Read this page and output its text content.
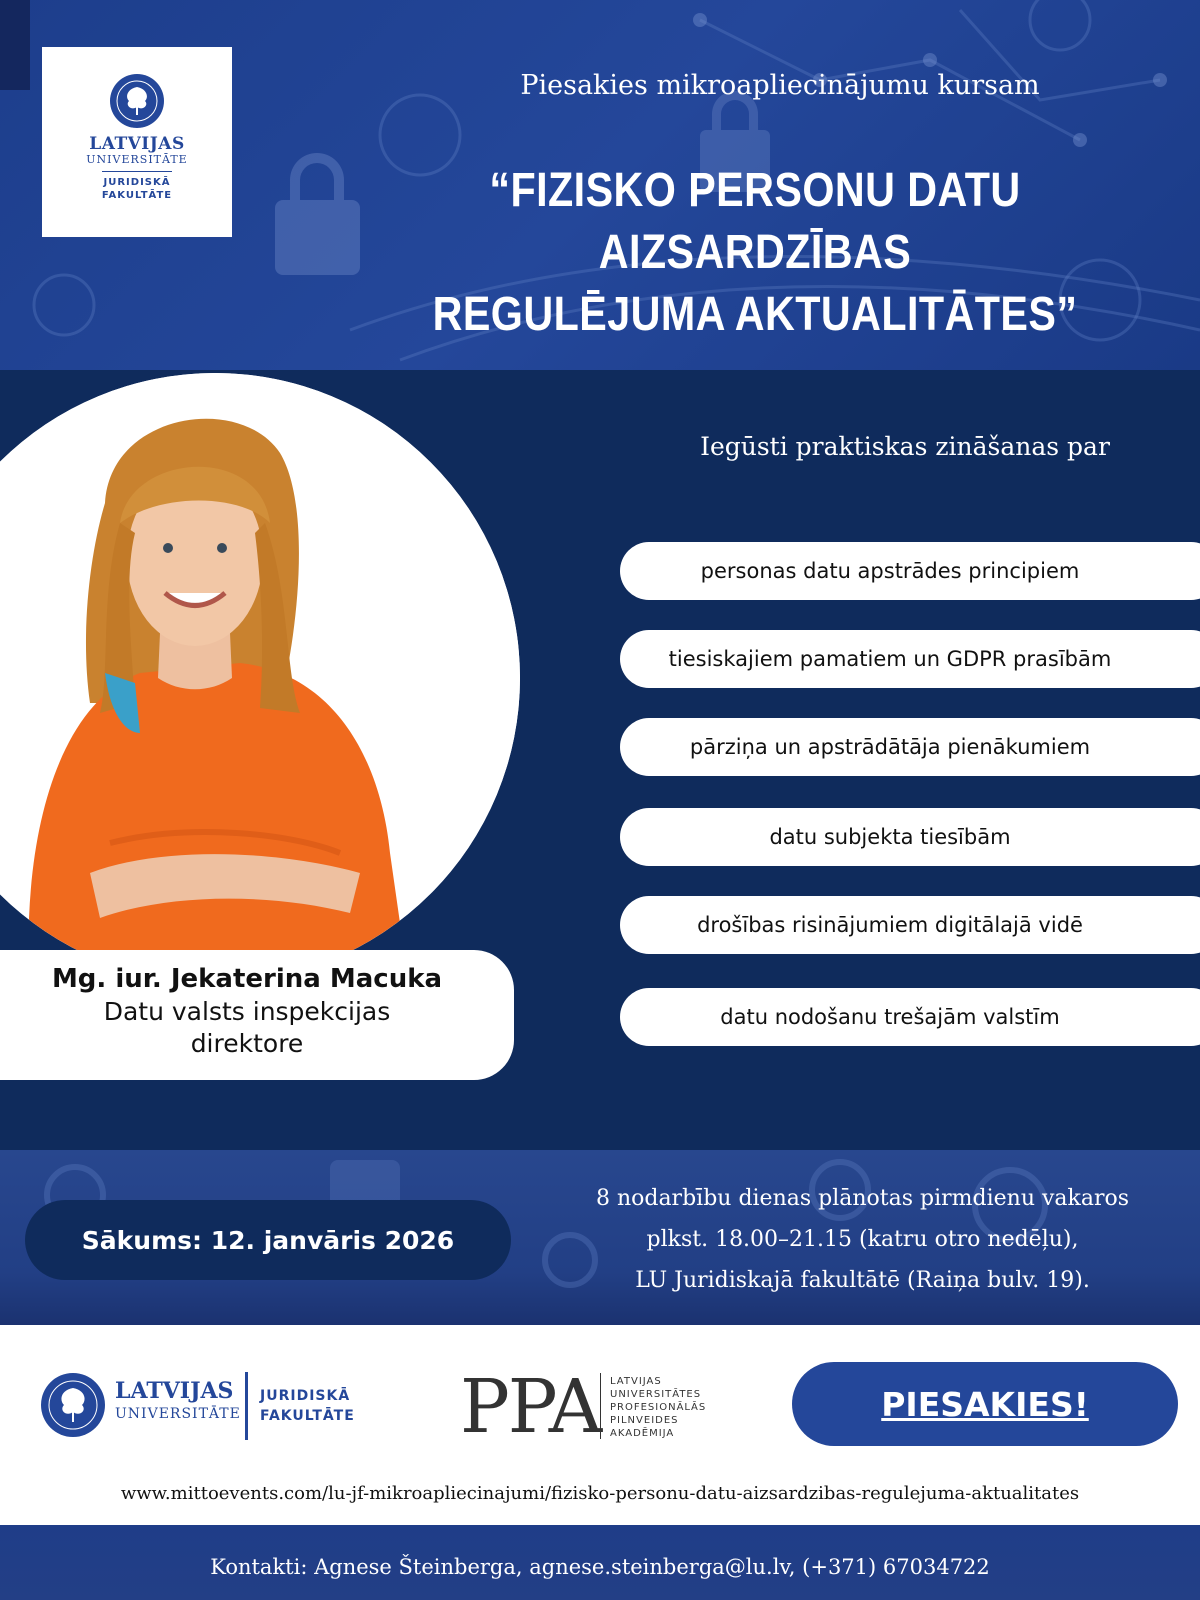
LATVIJAS
UNIVERSITĀTE
JURIDISKĀ
FAKULTĀTE
Piesakies mikroapliecinājumu kursam
“FIZISKO PERSONU DATU AIZSARDZĪBAS
REGULĒJUMA AKTUALITĀTES”
Iegūsti praktiskas zināšanas par
personas datu apstrādes principiem
tiesiskajiem pamatiem un GDPR prasībām
pārziņa un apstrādātāja pienākumiem
datu subjekta tiesībām
drošības risinājumiem digitālajā vidē
datu nodošanu trešajām valstīm
Mg. iur. Jekaterina Macuka
Datu valsts inspekcijas direktore
Sākums: 12. janvāris 2026
8 nodarbību dienas plānotas pirmdienu vakaros
plkst. 18.00–21.15 (katru otro nedēļu),
LU Juridiskajā fakultātē (Raiņa bulv. 19).
LATVIJAS
UNIVERSITĀTE
JURIDISKĀ
FAKULTĀTE PPA LATVIJAS
UNIVERSITĀTES
PROFESIONĀLĀS
PILNVEIDES
AKADĒMIJA
PIESAKIES!
www.mittoevents.com/lu-jf-mikroapliecinajumi/fizisko-personu-datu-aizsardzibas-regulejuma-aktualitates
Kontakti: Agnese Šteinberga, agnese.steinberga@lu.lv, (+371) 67034722
